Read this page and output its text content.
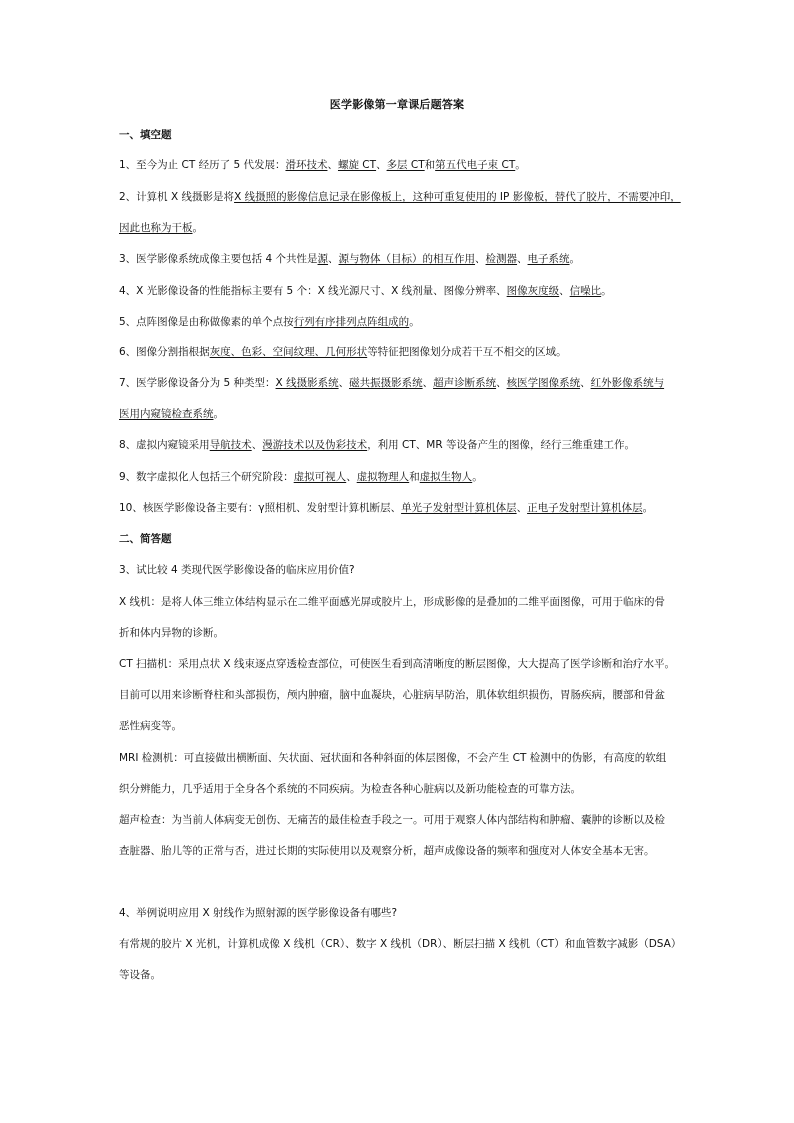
医学影像第一章课后题答案
一、填空题
1、至今为止 CT 经历了 5 代发展：滑环技术、螺旋 CT、多层 CT和第五代电子束 CT。
2、计算机 X 线摄影是将X 线摄照的影像信息记录在影像板上，这种可重复使用的 IP 影像板，替代了胶片，不需要冲印，
因此也称为干板。
3、医学影像系统成像主要包括 4 个共性是源、源与物体（目标）的相互作用、检测器、电子系统。
4、X 光影像设备的性能指标主要有 5 个：X 线光源尺寸、X 线剂量、图像分辨率、图像灰度级、信噪比。
5、点阵图像是由称做像素的单个点按行列有序排列点阵组成的。
6、图像分割指根据灰度、色彩、空间纹理、几何形状等特征把图像划分成若干互不相交的区域。
7、医学影像设备分为 5 种类型：X 线摄影系统、磁共振摄影系统、超声诊断系统、核医学图像系统、红外影像系统与
医用内窥镜检查系统。
8、虚拟内窥镜采用导航技术、漫游技术以及伪彩技术，利用 CT、MR 等设备产生的图像，经行三维重建工作。
9、数字虚拟化人包括三个研究阶段：虚拟可视人、虚拟物理人和虚拟生物人。
10、核医学影像设备主要有：γ照相机、发射型计算机断层、单光子发射型计算机体层、正电子发射型计算机体层。
二、简答题
3、试比较 4 类现代医学影像设备的临床应用价值?
X 线机：是将人体三维立体结构显示在二维平面感光屏或胶片上，形成影像的是叠加的二维平面图像，可用于临床的骨
折和体内异物的诊断。
CT 扫描机：采用点状 X 线束逐点穿透检查部位，可使医生看到高清晰度的断层图像，大大提高了医学诊断和治疗水平。
目前可以用来诊断脊柱和头部损伤，颅内肿瘤，脑中血凝块，心脏病早防治，肌体软组织损伤，胃肠疾病，腰部和骨盆
恶性病变等。
MRI 检测机：可直接做出横断面、矢状面、冠状面和各种斜面的体层图像，不会产生 CT 检测中的伪影，有高度的软组
织分辨能力，几乎适用于全身各个系统的不同疾病。为检查各种心脏病以及新功能检查的可靠方法。
超声检查：为当前人体病变无创伤、无痛苦的最佳检查手段之一。可用于观察人体内部结构和肿瘤、囊肿的诊断以及检
查脏器、胎儿等的正常与否，进过长期的实际使用以及观察分析，超声成像设备的频率和强度对人体安全基本无害。
4、举例说明应用 X 射线作为照射源的医学影像设备有哪些?
有常规的胶片 X 光机，计算机成像 X 线机（CR）、数字 X 线机（DR）、断层扫描 X 线机（CT）和血管数字减影（DSA）
等设备。
